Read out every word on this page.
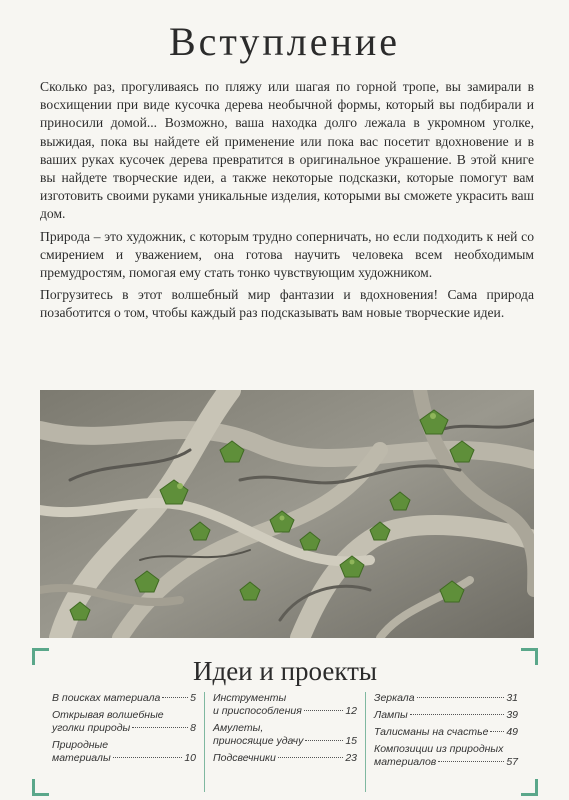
Вступление

Сколько раз, прогуливаясь по пляжу или шагая по горной тропе, вы замирали в восхищении при виде кусочка дерева необычной формы, который вы подбирали и приносили домой... Возможно, ваша находка долго лежала в укромном уголке, выжидая, пока вы найдете ей применение или пока вас посетит вдохновение и в ваших руках кусочек дерева превратится в оригинальное украшение. В этой книге вы найдете творческие идеи, а также некоторые подсказки, которые помогут вам изготовить своими руками уникальные изделия, которыми вы сможете украсить ваш дом.

Природа – это художник, с которым трудно соперничать, но если подходить к ней со смирением и уважением, она готова научить человека всем необходимым премудростям, помогая ему стать тонко чувствующим художником.

Погрузитесь в этот волшебный мир фантазии и вдохновения! Сама природа позаботится о том, чтобы каждый раз подсказывать вам новые творческие идеи.

Идеи и проекты
В поисках материала	5
Открывая волшебные
уголки природы	8
Природные
материалы	10
Инструменты
и приспособления	12
Амулеты,
приносящие удачу	15
Подсвечники	23
Зеркала	31
Лампы	39
Талисманы на счастье 49
Композиции из природных
материалов	57
